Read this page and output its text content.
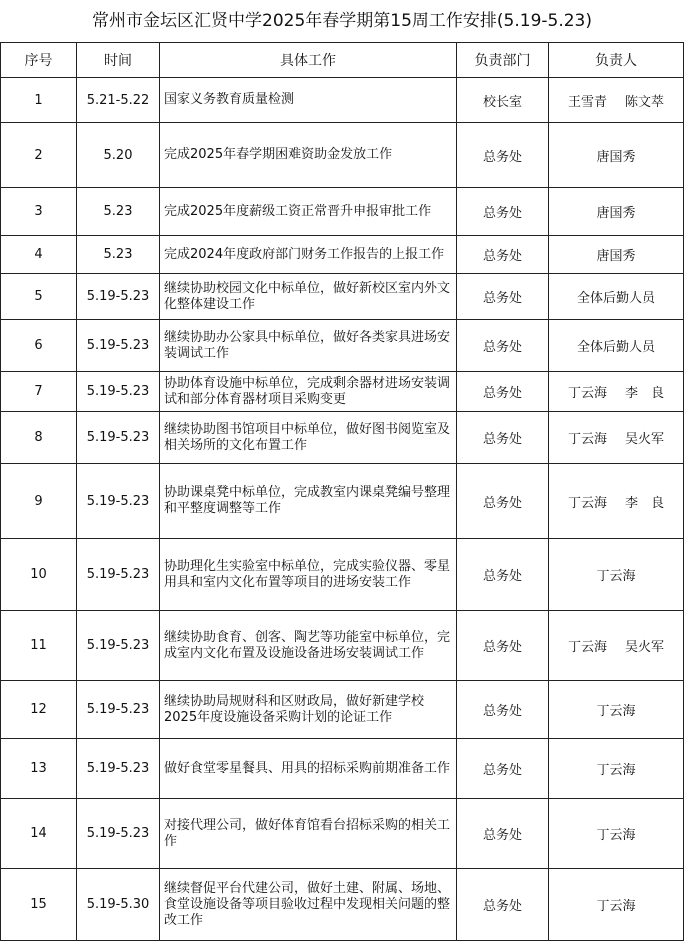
常州市金坛区汇贤中学2025年春学期第15周工作安排(5.19-5.23)
序号	时间	具体工作	负责部门	负责人
1	5.21-5.22	国家义务教育质量检测	校长室	王雪青 陈文萃
2	5.20	完成2025年春学期困难资助金发放工作	总务处	唐国秀
3	5.23	完成2025年度薪级工资正常晋升申报审批工作	总务处	唐国秀
4	5.23	完成2024年度政府部门财务工作报告的上报工作	总务处	唐国秀
5	5.19-5.23	继续协助校园文化中标单位，做好新校区室内外文化整体建设工作	总务处	全体后勤人员
6	5.19-5.23	继续协助办公家具中标单位，做好各类家具进场安装调试工作	总务处	全体后勤人员
7	5.19-5.23	协助体育设施中标单位，完成剩余器材进场安装调试和部分体育器材项目采购变更	总务处	丁云海 李　良
8	5.19-5.23	继续协助图书馆项目中标单位，做好图书阅览室及相关场所的文化布置工作	总务处	丁云海 吴火军
9	5.19-5.23	协助课桌凳中标单位，完成教室内课桌凳编号整理和平整度调整等工作	总务处	丁云海 李　良
10	5.19-5.23	协助理化生实验室中标单位，完成实验仪器、零星用具和室内文化布置等项目的进场安装工作	总务处	丁云海
11	5.19-5.23	继续协助食育、创客、陶艺等功能室中标单位，完成室内文化布置及设施设备进场安装调试工作	总务处	丁云海 吴火军
12	5.19-5.23	继续协助局规财科和区财政局，做好新建学校2025年度设施设备采购计划的论证工作	总务处	丁云海
13	5.19-5.23	做好食堂零星餐具、用具的招标采购前期准备工作	总务处	丁云海
14	5.19-5.23	对接代理公司，做好体育馆看台招标采购的相关工作	总务处	丁云海
15	5.19-5.30	继续督促平台代建公司，做好土建、附属、场地、食堂设施设备等项目验收过程中发现相关问题的整改工作	总务处	丁云海
